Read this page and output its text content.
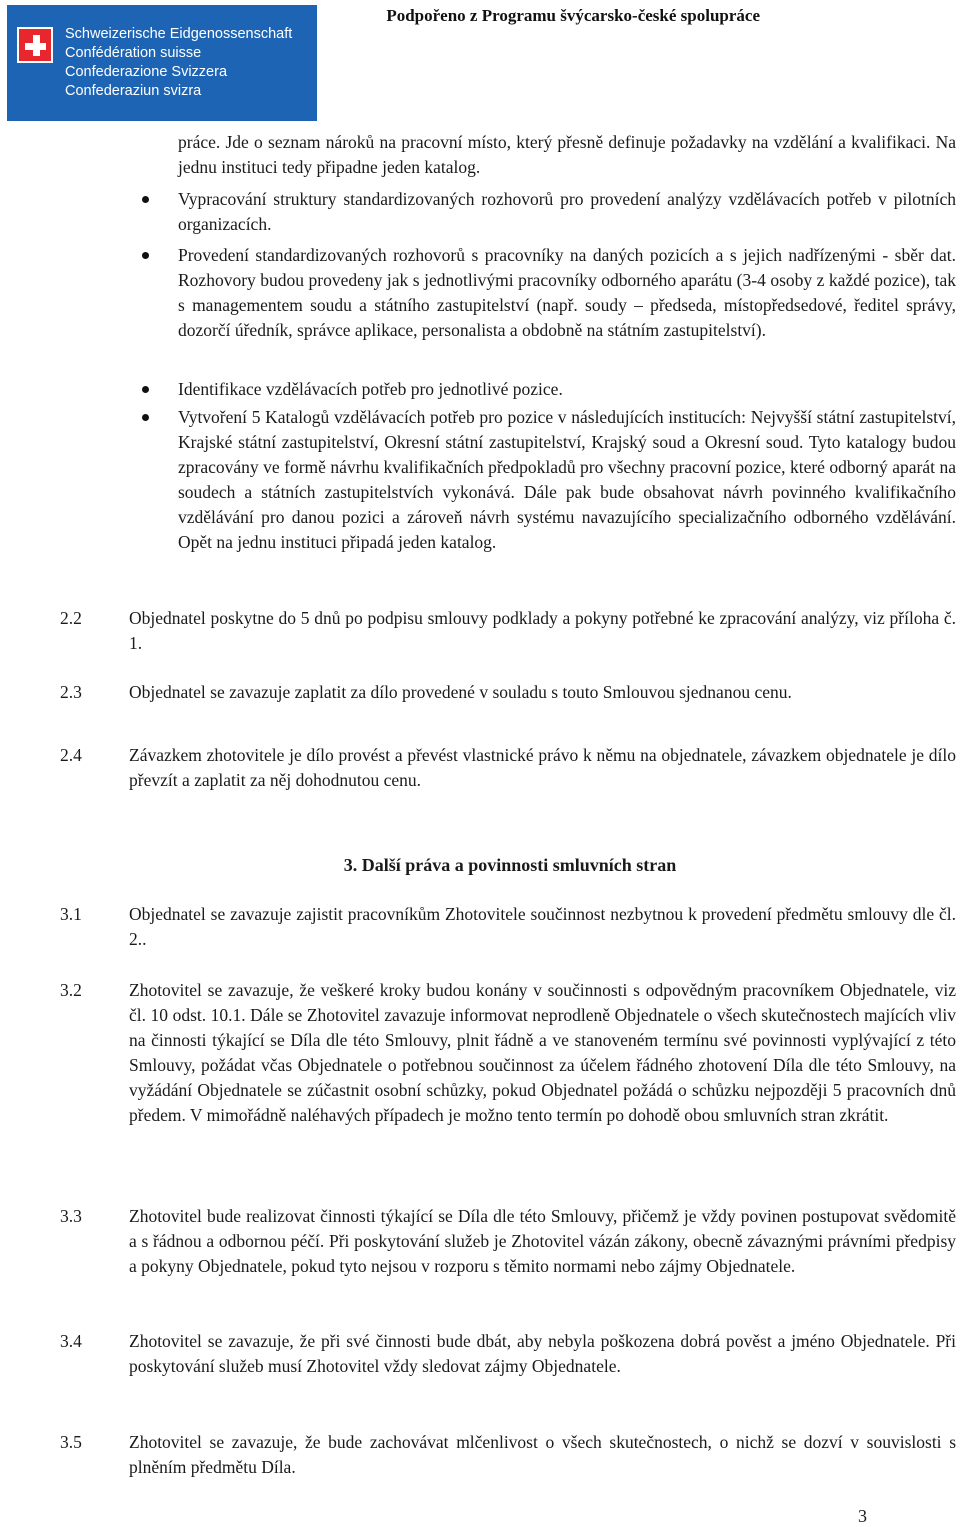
Schweizerische Eidgenossenschaft
Confédération suisse
Confederazione Svizzera
Confederaziun svizra
Podpořeno z Programu švýcarsko-české spolupráce
práce. Jde o seznam nároků na pracovní místo, který přesně definuje požadavky na vzdělání a kvalifikaci. Na jednu instituci tedy připadne jeden katalog.
Vypracování struktury standardizovaných rozhovorů pro provedení analýzy vzdělávacích potřeb v pilotních organizacích.
Provedení standardizovaných rozhovorů s pracovníky na daných pozicích a s jejich nadřízenými - sběr dat. Rozhovory budou provedeny jak s jednotlivými pracovníky odborného aparátu (3-4 osoby z každé pozice), tak s managementem soudu a státního zastupitelství (např. soudy – předseda, místopředsedové, ředitel správy, dozorčí úředník, správce aplikace, personalista a obdobně na státním zastupitelství).
Identifikace vzdělávacích potřeb pro jednotlivé pozice.
Vytvoření 5 Katalogů vzdělávacích potřeb pro pozice v následujících institucích: Nejvyšší státní zastupitelství, Krajské státní zastupitelství, Okresní státní zastupitelství, Krajský soud a Okresní soud. Tyto katalogy budou zpracovány ve formě návrhu kvalifikačních předpokladů pro všechny pracovní pozice, které odborný aparát na soudech a státních zastupitelstvích vykonává. Dále pak bude obsahovat návrh povinného kvalifikačního vzdělávání pro danou pozici a zároveň návrh systému navazujícího specializačního odborného vzdělávání. Opět na jednu instituci připadá jeden katalog.
2.2	Objednatel poskytne do 5 dnů po podpisu smlouvy podklady a pokyny potřebné ke zpracování analýzy, viz příloha č. 1.
2.3	Objednatel se zavazuje zaplatit za dílo provedené v souladu s touto Smlouvou sjednanou cenu.
2.4	Závazkem zhotovitele je dílo provést a převést vlastnické právo k němu na objednatele, závazkem objednatele je dílo převzít a zaplatit za něj dohodnutou cenu.
3. Další práva a povinnosti smluvních stran
3.1	Objednatel se zavazuje zajistit pracovníkům Zhotovitele součinnost nezbytnou k provedení předmětu smlouvy dle čl. 2..
3.2	Zhotovitel se zavazuje, že veškeré kroky budou konány v součinnosti s odpovědným pracovníkem Objednatele, viz čl. 10 odst. 10.1. Dále se Zhotovitel zavazuje informovat neprodleně Objednatele o všech skutečnostech majících vliv na činnosti týkající se Díla dle této Smlouvy, plnit řádně a ve stanoveném termínu své povinnosti vyplývající z této Smlouvy, požádat včas Objednatele o potřebnou součinnost za účelem řádného zhotovení Díla dle této Smlouvy, na vyžádání Objednatele se zúčastnit osobní schůzky, pokud Objednatel požádá o schůzku nejpozději 5 pracovních dnů předem. V mimořádně naléhavých případech je možno tento termín po dohodě obou smluvních stran zkrátit.
3.3	Zhotovitel bude realizovat činnosti týkající se Díla dle této Smlouvy, přičemž je vždy povinen postupovat svědomitě a s řádnou a odbornou péčí. Při poskytování služeb je Zhotovitel vázán zákony, obecně závaznými právními předpisy a pokyny Objednatele, pokud tyto nejsou v rozporu s těmito normami nebo zájmy Objednatele.
3.4	Zhotovitel se zavazuje, že při své činnosti bude dbát, aby nebyla poškozena dobrá pověst a jméno Objednatele. Při poskytování služeb musí Zhotovitel vždy sledovat zájmy Objednatele.
3.5	Zhotovitel se zavazuje, že bude zachovávat mlčenlivost o všech skutečnostech, o nichž se dozví v souvislosti s plněním předmětu Díla.
3
